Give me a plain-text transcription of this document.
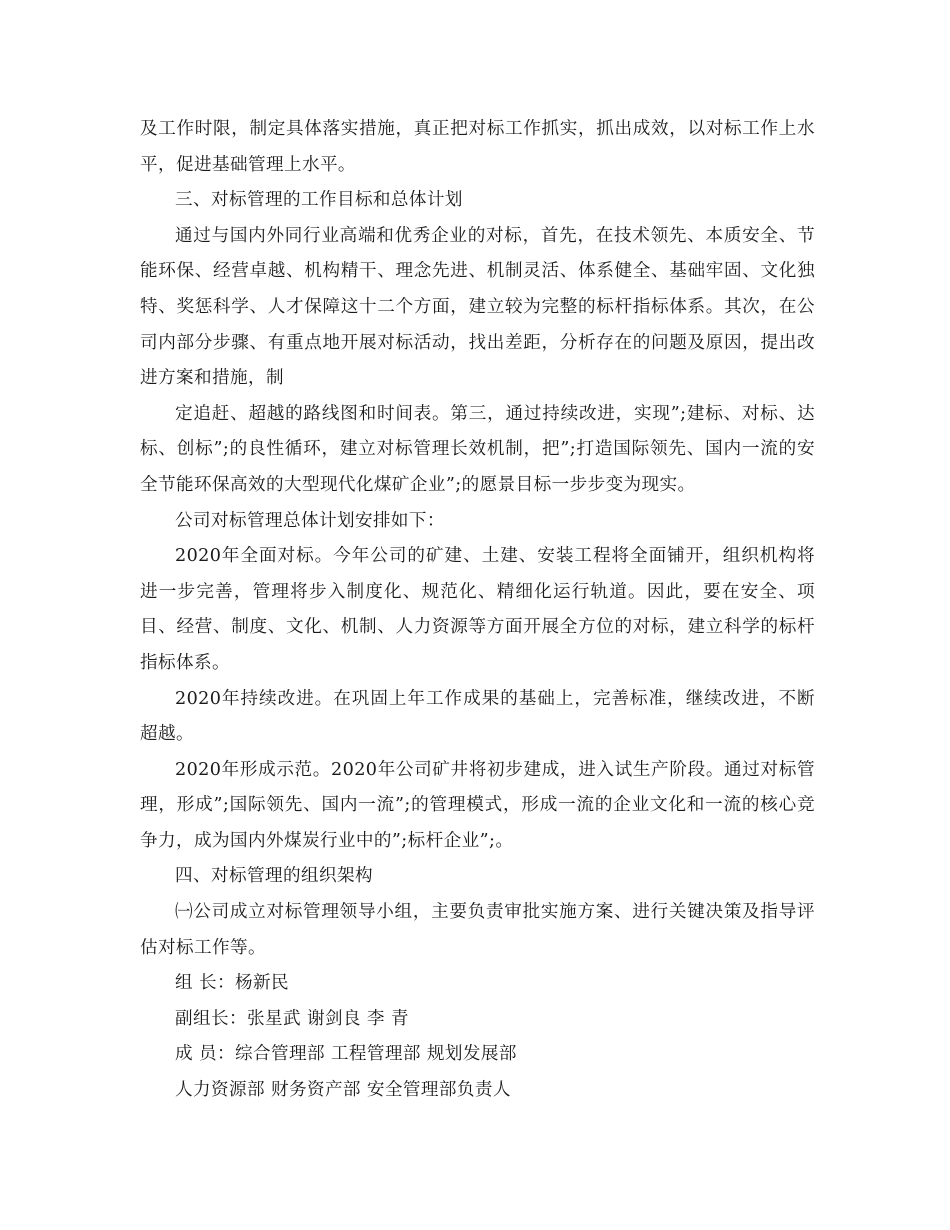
及工作时限，制定具体落实措施，真正把对标工作抓实，抓出成效，以对标工作上水平，促进基础管理上水平。

三、对标管理的工作目标和总体计划

通过与国内外同行业高端和优秀企业的对标，首先，在技术领先、本质安全、节能环保、经营卓越、机构精干、理念先进、机制灵活、体系健全、基础牢固、文化独特、奖惩科学、人才保障这十二个方面，建立较为完整的标杆指标体系。其次，在公司内部分步骤、有重点地开展对标活动，找出差距，分析存在的问题及原因，提出改进方案和措施，制

定追赶、超越的路线图和时间表。第三，通过持续改进，实现”;建标、对标、达标、创标”;的良性循环，建立对标管理长效机制，把”;打造国际领先、国内一流的安全节能环保高效的大型现代化煤矿企业”;的愿景目标一步步变为现实。

公司对标管理总体计划安排如下：

2020年全面对标。今年公司的矿建、土建、安装工程将全面铺开，组织机构将进一步完善，管理将步入制度化、规范化、精细化运行轨道。因此，要在安全、项目、经营、制度、文化、机制、人力资源等方面开展全方位的对标，建立科学的标杆指标体系。

2020年持续改进。在巩固上年工作成果的基础上，完善标准，继续改进，不断超越。

2020年形成示范。2020年公司矿井将初步建成，进入试生产阶段。通过对标管理，形成”;国际领先、国内一流”;的管理模式，形成一流的企业文化和一流的核心竞争力，成为国内外煤炭行业中的”;标杆企业”;。

四、对标管理的组织架构

㈠公司成立对标管理领导小组，主要负责审批实施方案、进行关键决策及指导评估对标工作等。

组 长：杨新民

副组长：张星武 谢剑良 李 青

成 员：综合管理部 工程管理部 规划发展部

人力资源部 财务资产部 安全管理部负责人
